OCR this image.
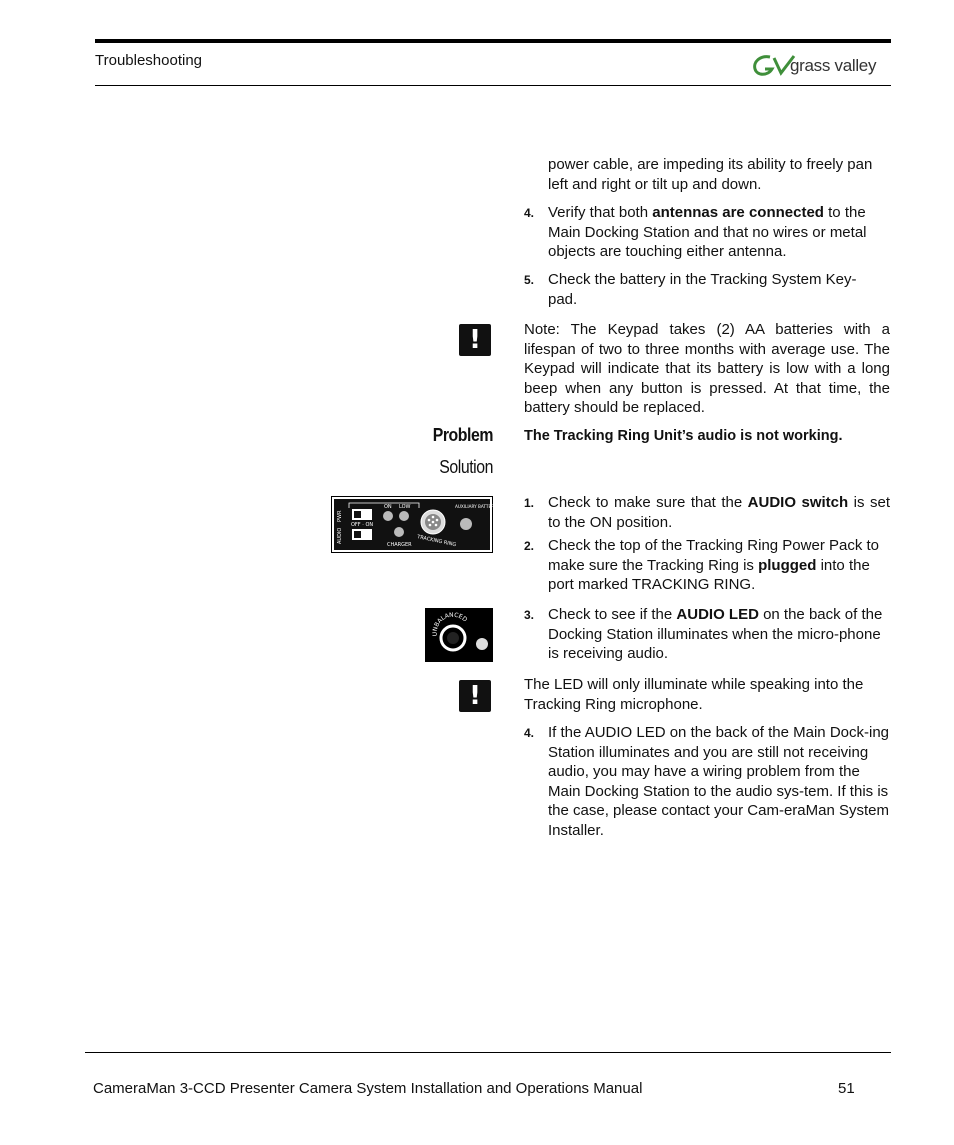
Troubleshooting	grass valley
power cable, are impeding its ability to freely pan left and right or tilt up and down.
4. Verify that both antennas are connected to the Main Docking Station and that no wires or metal objects are touching either antenna.
5. Check the battery in the Tracking System Key-pad.
!	Note: The Keypad takes (2) AA batteries with a lifespan of two to three months with average use. The Keypad will indicate that its battery is low with a long beep when any button is pressed. At that time, the battery should be replaced.
Problem The Tracking Ring Unit’s audio is not working.
Solution
PWR
AUDIO
OFF · ON
ON LOW
CHARGER TRACKING RING
AUXILIARY BATTERY PACK 1. Check to make sure that the AUDIO switch is set to the ON position.
2. Check the top of the Tracking Ring Power Pack to make sure the Tracking Ring is plugged into the port marked TRACKING RING.
UNBALANCED	3. Check to see if the AUDIO LED on the back of the Docking Station illuminates when the micro-phone is receiving audio.
!	The LED will only illuminate while speaking into the Tracking Ring microphone.
4. If the AUDIO LED on the back of the Main Dock-ing Station illuminates and you are still not receiving audio, you may have a wiring problem from the Main Docking Station to the audio sys-tem. If this is the case, please contact your Cam-eraMan System Installer.
CameraMan 3-CCD Presenter Camera System Installation and Operations Manual	51
